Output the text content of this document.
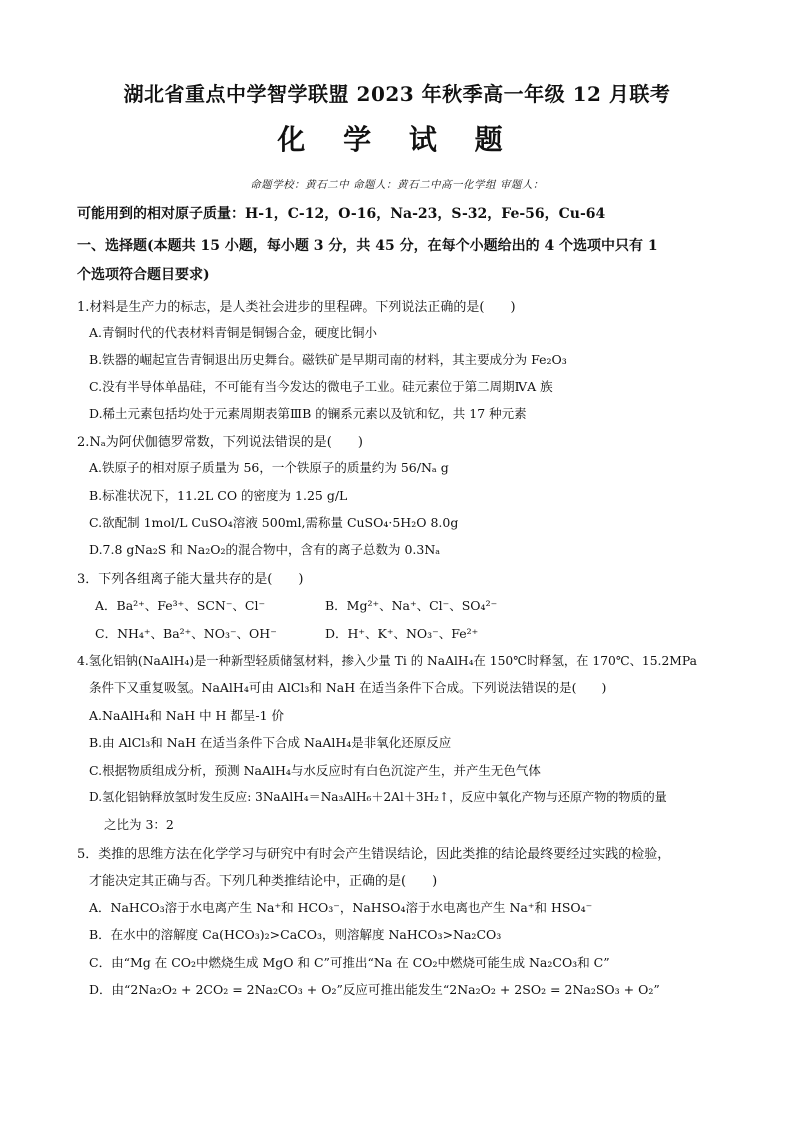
湖北省重点中学智学联盟 2023 年秋季高一年级 12 月联考
化 学 试 题
命题学校：黄石二中 命题人：黄石二中高一化学组 审题人：
可能用到的相对原子质量：H-1，C-12，O-16，Na-23，S-32，Fe-56，Cu-64
一、选择题(本题共 15 小题，每小题 3 分，共 45 分，在每个小题给出的 4 个选项中只有 1
个选项符合题目要求)
1.材料是生产力的标志，是人类社会进步的里程碑。下列说法正确的是(　　)
A.青铜时代的代表材料青铜是铜锡合金，硬度比铜小
B.铁器的崛起宣告青铜退出历史舞台。磁铁矿是早期司南的材料，其主要成分为 Fe₂O₃
C.没有半导体单晶硅，不可能有当今发达的微电子工业。硅元素位于第二周期ⅣA 族
D.稀土元素包括均处于元素周期表第ⅢB 的镧系元素以及钪和钇，共 17 种元素
2.Nₐ为阿伏伽德罗常数，下列说法错误的是(　　)
A.铁原子的相对原子质量为 56，一个铁原子的质量约为 56/Nₐ g
B.标准状况下，11.2L CO 的密度为 1.25 g/L
C.欲配制 1mol/L CuSO₄溶液 500ml,需称量 CuSO₄·5H₂O 8.0g
D.7.8 gNa₂S 和 Na₂O₂的混合物中，含有的离子总数为 0.3Nₐ
3．下列各组离子能大量共存的是(　　)
A．Ba²⁺、Fe³⁺、SCN⁻、Cl⁻	B．Mg²⁺、Na⁺、Cl⁻、SO₄²⁻
C．NH₄⁺、Ba²⁺、NO₃⁻、OH⁻	D．H⁺、K⁺、NO₃⁻、Fe²⁺
4.氢化铝钠(NaAlH₄)是一种新型轻质储氢材料，掺入少量 Ti 的 NaAlH₄在 150℃时释氢，在 170℃、15.2MPa
条件下又重复吸氢。NaAlH₄可由 AlCl₃和 NaH 在适当条件下合成。下列说法错误的是(　　)
A.NaAlH₄和 NaH 中 H 都呈-1 价
B.由 AlCl₃和 NaH 在适当条件下合成 NaAlH₄是非氧化还原反应
C.根据物质组成分析，预测 NaAlH₄与水反应时有白色沉淀产生，并产生无色气体
D.氢化铝钠释放氢时发生反应: 3NaAlH₄＝Na₃AlH₆＋2Al＋3H₂↑，反应中氧化产物与还原产物的物质的量
之比为 3：2
5．类推的思维方法在化学学习与研究中有时会产生错误结论，因此类推的结论最终要经过实践的检验，
才能决定其正确与否。下列几种类推结论中，正确的是(　　)
A．NaHCO₃溶于水电离产生 Na⁺和 HCO₃⁻，NaHSO₄溶于水电离也产生 Na⁺和 HSO₄⁻
B．在水中的溶解度 Ca(HCO₃)₂>CaCO₃，则溶解度 NaHCO₃>Na₂CO₃
C．由“Mg 在 CO₂中燃烧生成 MgO 和 C”可推出“Na 在 CO₂中燃烧可能生成 Na₂CO₃和 C”
D．由“2Na₂O₂ + 2CO₂ = 2Na₂CO₃ + O₂”反应可推出能发生“2Na₂O₂ + 2SO₂ = 2Na₂SO₃ + O₂”
